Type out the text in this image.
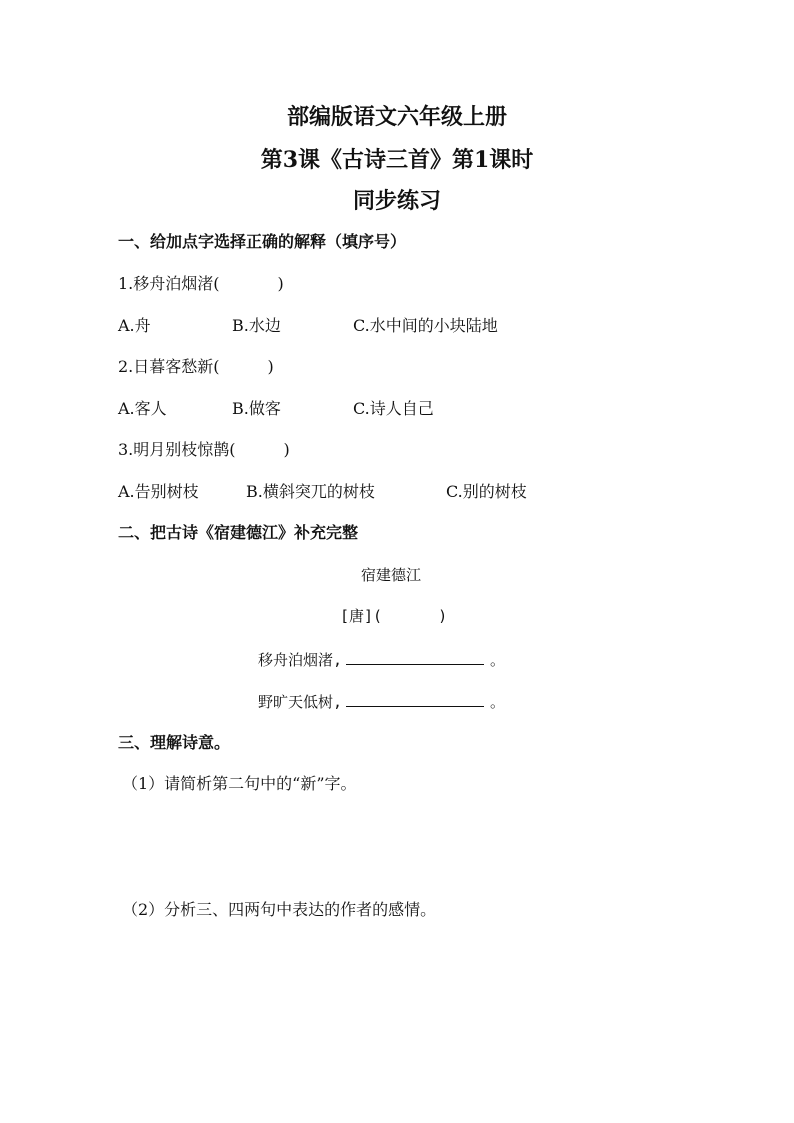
部编版语文六年级上册
第3课《古诗三首》第1课时
同步练习
一、给加点字选择正确的解释（填序号）
1.移舟泊烟渚(	)
A.舟	B.水边	C.水中间的小块陆地
2.日暮客愁新(	)
A.客人	B.做客	C.诗人自己
3.明月别枝惊鹊(	)
A.告别树枝	B.横斜突兀的树枝	C.别的树枝
二、把古诗《宿建德江》补充完整
宿建德江
[唐](	)
移舟泊烟渚,	。
野旷天低树,	。
三、理解诗意。
（1）请简析第二句中的“新”字。
（2）分析三、四两句中表达的作者的感情。
